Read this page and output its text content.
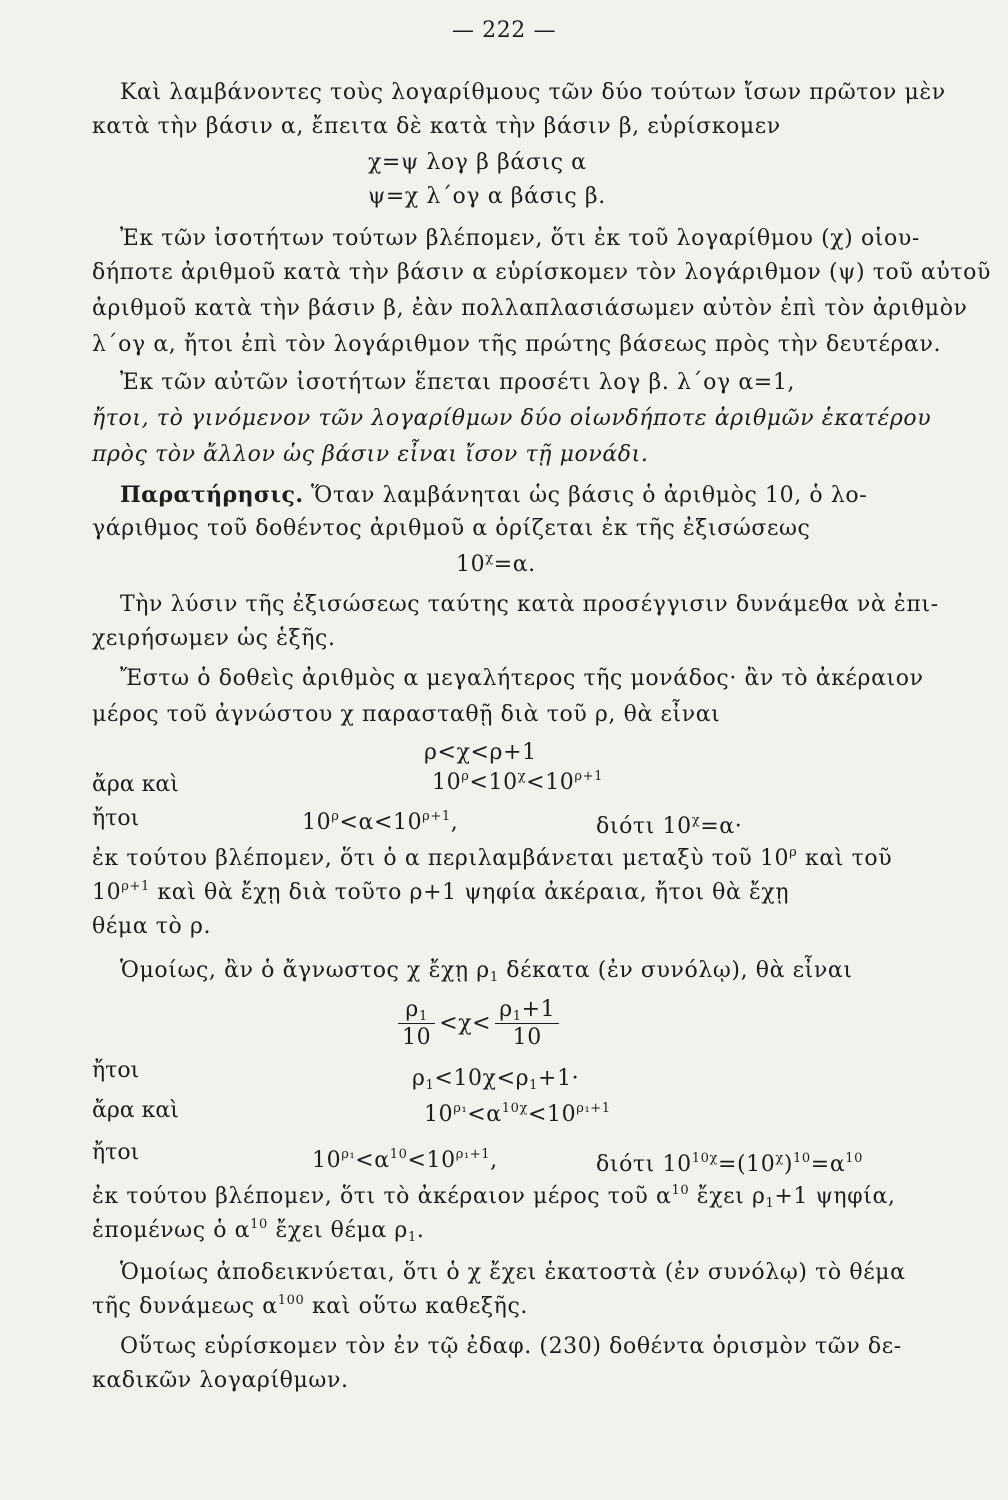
— 222 —
Καὶ λαμβάνοντες τοὺς λογαρίθμους τῶν δύο τούτων ἴσων πρῶτον μὲν
κατὰ τὴν βάσιν α, ἔπειτα δὲ κατὰ τὴν βάσιν β, εὑρίσκομεν
χ=ψ λογ β βάσις α
ψ=χ λ΄ογ α βάσις β.
Ἐκ τῶν ἰσοτήτων τούτων βλέπομεν, ὅτι ἐκ τοῦ λογαρίθμου (χ) οἱου-
δήποτε ἀριθμοῦ κατὰ τὴν βάσιν α εὑρίσκομεν τὸν λογάριθμον (ψ) τοῦ αὐτοῦ
ἀριθμοῦ κατὰ τὴν βάσιν β, ἐὰν πολλαπλασιάσωμεν αὐτὸν ἐπὶ τὸν ἀριθμὸν
λ΄ογ α, ἤτοι ἐπὶ τὸν λογάριθμον τῆς πρώτης βάσεως πρὸς τὴν δευτέραν.
Ἐκ τῶν αὐτῶν ἰσοτήτων ἕπεται προσέτι λογ β. λ΄ογ α=1,
ἤτοι, τὸ γινόμενον τῶν λογαρίθμων δύο οἱωνδήποτε ἀριθμῶν ἑκατέρου
πρὸς τὸν ἄλλον ὡς βάσιν εἶναι ἴσον τῇ μονάδι.
Παρατήρησις. Ὅταν λαμβάνηται ὡς βάσις ὁ ἀριθμὸς 10, ὁ λο-
γάριθμος τοῦ δοθέντος ἀριθμοῦ α ὁρίζεται ἐκ τῆς ἐξισώσεως
$10^\chi=\alpha$.
Τὴν λύσιν τῆς ἐξισώσεως ταύτης κατὰ προσέγγισιν δυνάμεθα νὰ ἐπι-
χειρήσωμεν ὡς ἑξῆς.
Ἔστω ὁ δοθεὶς ἀριθμὸς α μεγαλήτερος τῆς μονάδος· ἂν τὸ ἀκέραιον
μέρος τοῦ ἀγνώστου χ παρασταθῇ διὰ τοῦ ρ, θὰ εἶναι
ρ<χ<ρ+1
ἄρα καὶ	$10^\rho<10^\chi<10^{\rho+1}$
ἤτοι	$10^\rho<\alpha<10^{\rho+1}$,	διότι $10^\chi=\alpha\cdot$
ἐκ τούτου βλέπομεν, ὅτι ὁ α περιλαμβάνεται μεταξὺ τοῦ $10^\rho$ καὶ τοῦ
$10^{\rho+1}$ καὶ θὰ ἔχῃ διὰ τοῦτο ρ+1 ψηφία ἀκέραια, ἤτοι θὰ ἔχῃ
θέμα τὸ ρ.
Ὁμοίως, ἂν ὁ ἄγνωστος χ ἔχῃ $\rho_1$ δέκατα (ἐν συνόλῳ), θὰ εἶναι
$\frac{\rho_1}{10} <\chi< \frac{\rho_1+1}{10}$
ἤτοι	$\rho_1<10\chi<\rho_1+1\cdot$
ἄρα καὶ	$10^{\rho_1}<\alpha^{10\chi}<10^{\rho_1+1}$
ἤτοι	$10^{\rho_1}<\alpha^{10}<10^{\rho_1+1}$,	διότι $10^{10\chi}=(10^\chi)^{10}=\alpha^{10}$
ἐκ τούτου βλέπομεν, ὅτι τὸ ἀκέραιον μέρος τοῦ $\alpha^{10}$ ἔχει $\rho_1+1$ ψηφία,
ἑπομένως ὁ $\alpha^{10}$ ἔχει θέμα $\rho_1$.
Ὁμοίως ἀποδεικνύεται, ὅτι ὁ χ ἔχει ἑκατοστὰ (ἐν συνόλῳ) τὸ θέμα
τῆς δυνάμεως $\alpha^{100}$ καὶ οὕτω καθεξῆς.
Οὕτως εὑρίσκομεν τὸν ἐν τῷ ἐδαφ. (230) δοθέντα ὁρισμὸν τῶν δε-
καδικῶν λογαρίθμων.
